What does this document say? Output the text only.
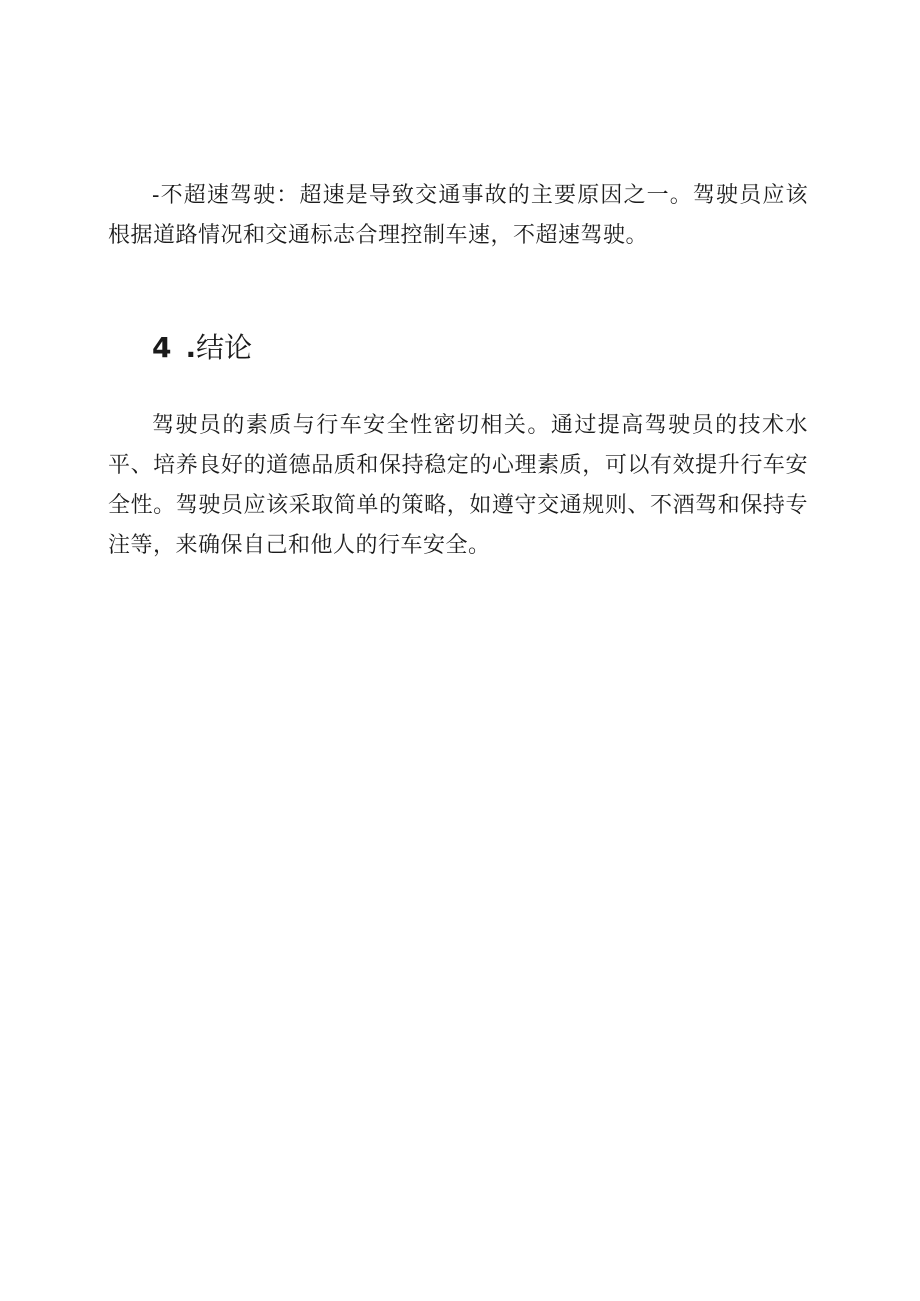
-不超速驾驶：超速是导致交通事故的主要原因之一。驾驶员应该根据道路情况和交通标志合理控制车速，不超速驾驶。

4 .结论

驾驶员的素质与行车安全性密切相关。通过提高驾驶员的技术水平、培养良好的道德品质和保持稳定的心理素质，可以有效提升行车安全性。驾驶员应该采取简单的策略，如遵守交通规则、不酒驾和保持专注等，来确保自己和他人的行车安全。
